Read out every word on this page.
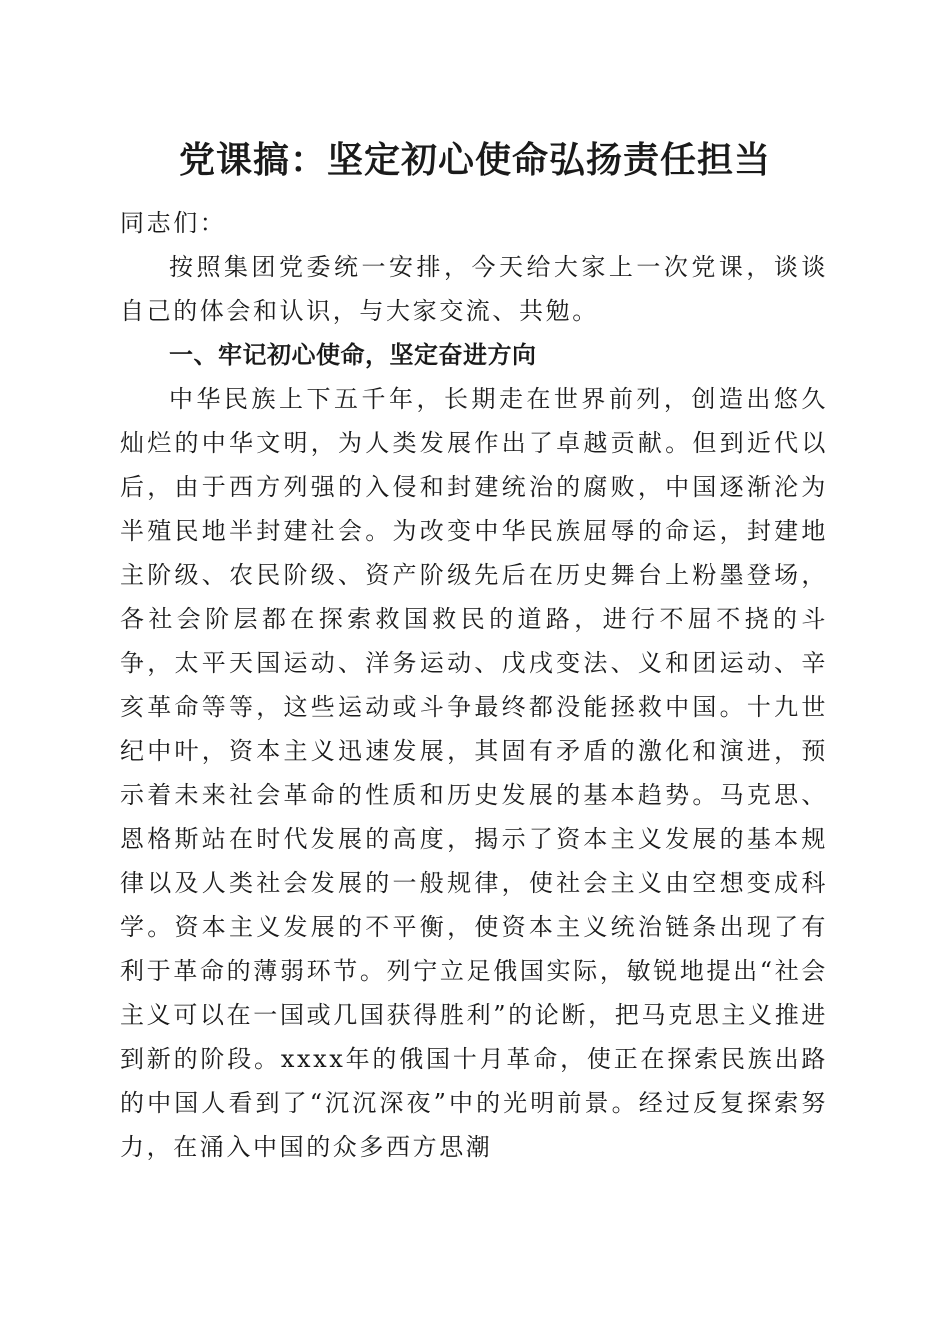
党课搞：坚定初心使命弘扬责任担当

同志们：

按照集团党委统一安排，今天给大家上一次党课，谈谈自己的体会和认识，与大家交流、共勉。

一、牢记初心使命，坚定奋进方向

中华民族上下五千年，长期走在世界前列，创造出悠久灿烂的中华文明，为人类发展作出了卓越贡献。但到近代以后，由于西方列强的入侵和封建统治的腐败，中国逐渐沦为半殖民地半封建社会。为改变中华民族屈辱的命运，封建地主阶级、农民阶级、资产阶级先后在历史舞台上粉墨登场，各社会阶层都在探索救国救民的道路，进行不屈不挠的斗争，太平天国运动、洋务运动、戊戌变法、义和团运动、辛亥革命等等，这些运动或斗争最终都没能拯救中国。十九世纪中叶，资本主义迅速发展，其固有矛盾的激化和演进，预示着未来社会革命的性质和历史发展的基本趋势。马克思、恩格斯站在时代发展的高度，揭示了资本主义发展的基本规律以及人类社会发展的一般规律，使社会主义由空想变成科学。资本主义发展的不平衡，使资本主义统治链条出现了有利于革命的薄弱环节。列宁立足俄国实际，敏锐地提出“社会主义可以在一国或几国获得胜利”的论断，把马克思主义推进到新的阶段。xxxx年的俄国十月革命，使正在探索民族出路的中国人看到了“沉沉深夜”中的光明前景。经过反复探索努力，在涌入中国的众多西方思潮
